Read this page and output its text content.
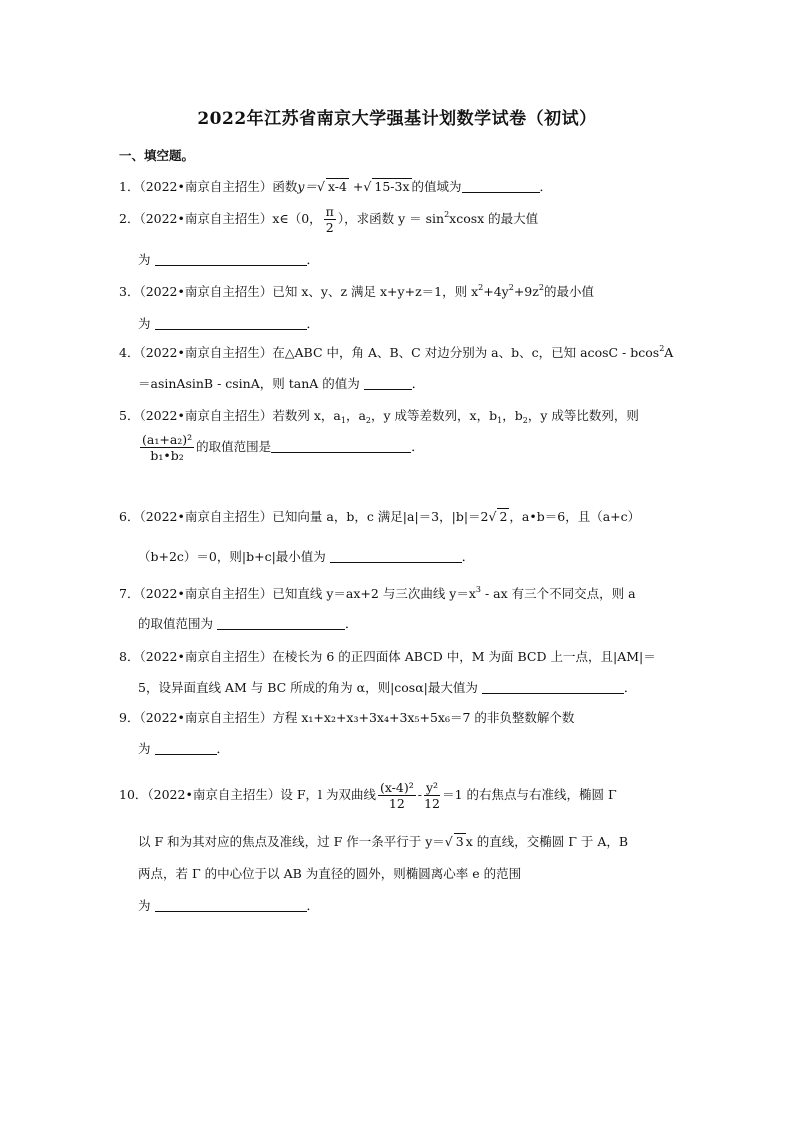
2022年江苏省南京大学强基计划数学试卷（初试）
一、填空题。
1．（2022•南京自主招生）函数y＝√ x-4 +√ 15-3x 的值域为	．
2．（2022•南京自主招生）x∈（0， $\frac{\pi}{2}$ ），求函数 $y = \sin^2xcosx$ 的最大值
为	．
3．（2022•南京自主招生）已知 x、y、z 满足 x+y+z＝1，则 $x^2+4y^2+9z^2$的最小值
为	．
4．（2022•南京自主招生）在△ABC 中，角 A、B、C 对边分别为 a、b、c，已知 acosC - bcos$^2$A
＝asinAsinB - csinA，则 tanA 的值为	．
5．（2022•南京自主招生）若数列 x，$a_1$，$a_2$，y 成等差数列，x，$b_1$，$b_2$，y 成等比数列，则
$\frac{\text{(a₁+a₂)²}}{\text{b₁•b₂}}$ 的取值范围是	．
6．（2022•南京自主招生）已知向量 a，b，c 满足|a|＝3，|b|＝2√ 2 ，a•b＝6，且（a+c）
（b+2c）＝0，则|b+c|最小值为	．
7．（2022•南京自主招生）已知直线 y＝ax+2 与三次曲线 $y=x^3$ - ax 有三个不同交点，则 a
的取值范围为	．
8．（2022•南京自主招生）在棱长为 6 的正四面体 ABCD 中，M 为面 BCD 上一点，且|AM|＝
5，设异面直线 AM 与 BC 所成的角为 α，则|cosα|最大值为	．
9．（2022•南京自主招生）方程 x₁+x₂+x₃+3x₄+3x₅+5x₆＝7 的非负整数解个数
为	．
10．（2022•南京自主招生）设 F，l 为双曲线 $\frac{\text{(x-4)²}}{12} - \frac{\text{y²}}{12} =1$ 的右焦点与右准线，椭圆 Γ
以 F 和为其对应的焦点及准线，过 F 作一条平行于 y＝√ 3 x 的直线，交椭圆 Γ 于 A，B
两点，若 Γ 的中心位于以 AB 为直径的圆外，则椭圆离心率 e 的范围
为	．
